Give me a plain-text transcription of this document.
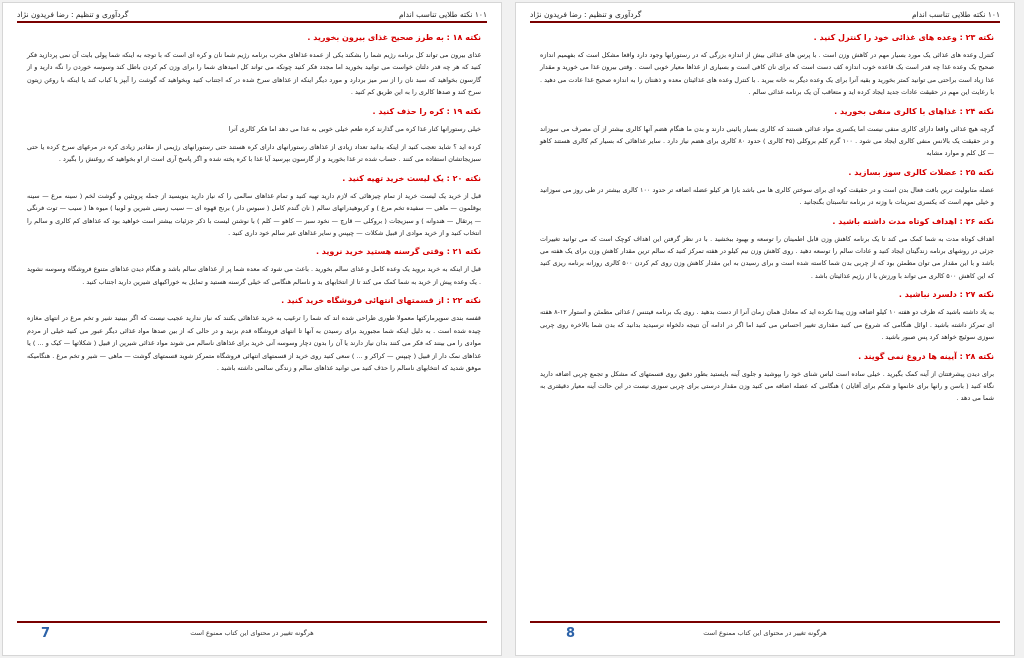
۱۰۱ نکته طلایی تناسب اندام
گردآوری و تنظیم : رضا فریدون نژاد
نکته ۱۸ : به طرز صحیح غذای بیرون بخورید .

غذای بیرون می تواند کل برنامه رژیم شما را بشکند یکی از عمده غذاهای مخرب برنامه رژیم شما نان و کره ای است که با توجه به اینکه شما پولی بابت آن نمی پردازید فکر کنید که هر چه قدر دلتان خواست می توانید بخورید اما مجدد فکر کنید چونکه می تواند کل امیدهای شما را برای وزن کم کردن باطل کند وسوسه خوردن را نگه دارید و از گارسون بخواهید که سبد نان را از سر میز بردارد و مورد دیگر اینکه از غذاهای سرخ شده در که اجتناب کنید وبخواهید که گوشت را آبپز یا کباب کند یا اینکه با روغن زیتون سرخ کند و صدها کالری را به این طریق کم کنید .

نکته ۱۹ : کره را حذف کنید .

خیلی رستورانها کنار غذا کره می گذارند کره طعم خیلی خوبی به غذا می دهد اما فکر کالری آنرا

کرده اید ؟ شاید تعجب کنید از اینکه بدانید تعداد زیادی از غذاهای رستورانهای دارای کره هستند حتی رستورانهای رژیمی از مقادیر زیادی کره در مرغهای سرخ کرده یا حتی سبزیجاتشان استفاده می کنند . حساب شده تر غذا بخورید و از گارسون بپرسید آیا غذا با کره پخته شده و اگر پاسخ آری است از او بخواهید که روغنش را بگیرد .

نکته ۲۰ : یک لیست خرید تهیه کنید .

قبل از خرید یک لیست خرید از تمام چیزهائی که لازم دارید تهیه کنید و تمام غذاهای سالمی را که نیاز دارید بنویسید از جمله پروتئین و گوشت لخم ( سینه مرغ — سینه بوقلمون — ماهی — سفیده تخم مرغ ) و کربوهیدراتهای سالم ( نان گندم کامل ( سبوس دار ) برنج قهوه ای — سیب زمینی شیرین و لوبیا ) میوه ها ( سیب — توت فرنگی — پرتقال — هندوانه ) و سبزیجات ( بروکلی — قارچ — نخود سبز — کاهو — کلم ) با نوشتن لیست با ذکر جزئیات بیشتر است خواهید بود که غذاهای کم کالری و سالم را انتخاب کنید و از خرید موادی از قبیل شکلات — چیپس و سایر غذاهای غیر سالم خود داری کنید .

نکته ۲۱ : وقتی گرسنه هستید خرید نروید .

قبل از اینکه به خرید بروید یک وعده کامل و غذای سالم بخورید . باعث می شود که معده شما پر از غذاهای سالم باشد و هنگام دیدن غذاهای متنوع فروشگاه وسوسه نشوید . یک وعده پیش از خرید به شما کمک می کند تا از انتخابهای بد و ناسالم هنگامی که خیلی گرسنه هستید و تمایل به خوراکیهای شیرین دارید اجتناب کنید .

نکته ۲۲ : از قسمتهای انتهائی فروشگاه خرید کنید .

قفسه بندی سوپرمارکتها معمولا طوری طراحی شده اند که شما را ترغیب به خرید غذاهائی بکنند که نیاز ندارید عجیب نیست که اگر ببینید شیر و تخم مرغ در انتهای مغازه چیده شده است . به دلیل اینکه شما مجبورید برای رسیدن به آنها تا انتهای فروشگاه قدم بزنید و در حالی که از بین صدها مواد غذائی دیگر عبور می کنید خیلی از مردم موادی را می بینند که فکر می کنند بدان نیاز دارند یا آن را بدون دچار وسوسه آنی خرید برای غذاهای ناسالم می شوند مواد غذائی شیرین از قبیل ( شکلاتها — کیک و ... ) یا غذاهای نمک دار از قبیل ( چیپس — کراکر و ... ) سعی کنید روی خرید از قسمتهای انتهائی فروشگاه متمرکز شوید قسمتهای گوشت — ماهی — شیر و تخم مرغ . هنگامیکه موفق شدید که انتخابهای ناسالم را حذف کنید می توانید غذاهای سالم و زندگی سالمی داشته باشید .

هرگونه تغییر در محتوای این کتاب ممنوع است
7
۱۰۱ نکته طلایی تناسب اندام
گردآوری و تنظیم : رضا فریدون نژاد
نکته ۲۳ : وعده های غذائی خود را کنترل کنید .

کنترل وعده های غذائی یک مورد بسیار مهم در کاهش وزن است . با پرس های غذائی بیش از اندازه بزرگی که در رستورانها وجود دارد واقعا مشکل است که بفهمیم اندازه صحیح یک وعده غذا چه قدر است یک قاعده خوب اندازه کف دست است که برای نان کافی است و بسیاری از غذاها معیار خوبی است . وقتی بیرون غذا می خورید و مقدار غذا زیاد است براحتی می توانید کمتر بخورید و بقیه آنرا برای یک وعده دیگر به خانه ببرید . با کنترل وعده های غذائیتان معده و ذهنتان را به اندازه صحیح غذا عادت می دهید . با رعایت این مهم در حقیقت عادات جدید ایجاد کرده اید و متعاقب آن یک برنامه غذائی سالم .

نکته ۲۴ : غذاهای با کالری منفی بخورید .

گرچه هیچ غذائی واقعا دارای کالری منفی نیست اما یکسری مواد غذائی هستند که کالری بسیار پائینی دارند و بدن ما هنگام هضم آنها کالری بیشتر از آن مصرف می سوزاند و در حقیقت یک بالانس منفی کالری ایجاد می شود . ۱۰۰ گرم کلم بروکلی (۴۵ کالری ) حدود ۸۰ کالری برای هضم نیاز دارد . سایر غذاهائی که بسیار کم کالری هستند کاهو — کل کلم و موارد مشابه

نکته ۲۵ : عضلات کالری سوز بسازید .

عضله متابولیت ترین بافت فعال بدن است و در حقیقت کوه ای برای سوختن کالری ها می باشد بازا هر کیلو عضله اضافه تر حدود ۱۰۰ کالری بیشتر در طی روز می سوزانید و خیلی مهم است که یکسری تمرینات با وزنه در برنامه تناسبتان بگنجانید .

نکته ۲۶ : اهداف کوتاه مدت داشته باشید .

اهداف کوتاه مدت به شما کمک می کند تا یک برنامه کاهش وزن قابل اطمینان را توسعه و بهبود ببخشید . با در نظر گرفتن این اهداف کوچک است که می توانید تغییرات جزئی در روشهای برنامه زندگیتان ایجاد کنید و عادات سالم را توسعه دهید . روی کاهش وزن نیم کیلو در هفته تمرکز کنید که سالم ترین مقدار کاهش وزن برای یک هفته می باشد و با این مقدار می توان مطمئن بود که از چربی بدن شما کاسته شده است و برای رسیدن به این مقدار کاهش وزن روی کم کردن ۵۰۰ کالری روزانه برنامه ریزی کنید که این کاهش ۵۰۰ کالری می تواند با ورزش یا از رژیم غذائیتان باشد .

نکته ۲۷ : دلسرد نباشید .

به یاد داشته باشید که ظرف دو هفته ۱۰ کیلو اضافه وزن پیدا نکرده اید که معادل همان زمان آنرا از دست بدهید . روی یک برنامه فیتنس / غذائی مطمئن و استوار ۱۲-۸ هفته ای تمرکز داشته باشید . اوائل هنگامی که شروع می کنید مقداری تغییر احساس می کنید اما اگر در ادامه آن نتیجه دلخواه نرسیدید بدانید که بدن شما بالاخره روی چربی سوزی سوئیچ خواهد کرد پس صبور باشید .

نکته ۲۸ : آیینه ها دروغ نمی گویند .

برای دیدن پیشرفتتان از آینه کمک بگیرید . خیلی ساده است لباس شنای خود را بپوشید و جلوی آینه بایستید بطور دقیق روی قسمتهای که مشکل و تجمع چربی اضافه دارید نگاه کنید ( باسن و رانها برای خانمها و شکم برای آقایان ) هنگامی که عضله اضافه می کنید وزن مقدار درستی برای چربی سوزی نیست در این حالت آینه معیار دقیقتری به شما می دهد .

هرگونه تغییر در محتوای این کتاب ممنوع است
8
